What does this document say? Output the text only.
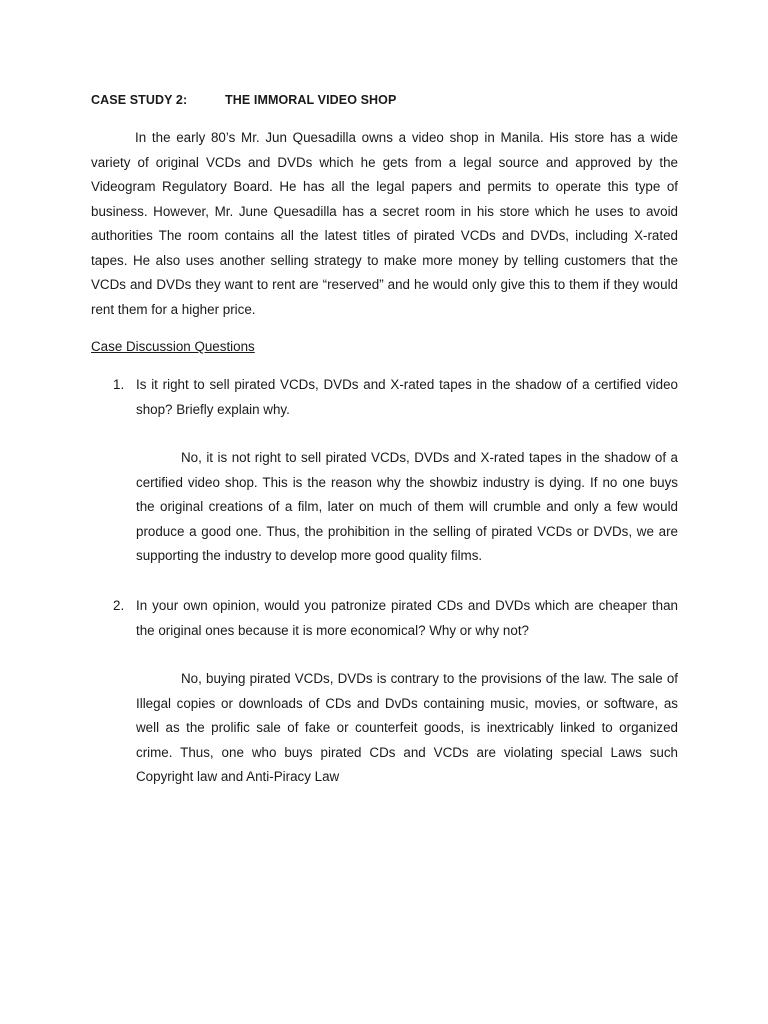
CASE STUDY 2:	THE IMMORAL VIDEO SHOP

In the early 80’s Mr. Jun Quesadilla owns a video shop in Manila. His store has a wide variety of original VCDs and DVDs which he gets from a legal source and approved by the Videogram Regulatory Board. He has all the legal papers and permits to operate this type of business. However, Mr. June Quesadilla has a secret room in his store which he uses to avoid authorities The room contains all the latest titles of pirated VCDs and DVDs, including X-rated tapes. He also uses another selling strategy to make more money by telling customers that the VCDs and DVDs they want to rent are “reserved” and he would only give this to them if they would rent them for a higher price.

Case Discussion Questions
1. Is it right to sell pirated VCDs, DVDs and X-rated tapes in the shadow of a certified video shop? Briefly explain why.

No, it is not right to sell pirated VCDs, DVDs and X-rated tapes in the shadow of a certified video shop. This is the reason why the showbiz industry is dying. If no one buys the original creations of a film, later on much of them will crumble and only a few would produce a good one. Thus, the prohibition in the selling of pirated VCDs or DVDs, we are supporting the industry to develop more good quality films.

2. In your own opinion, would you patronize pirated CDs and DVDs which are cheaper than the original ones because it is more economical? Why or why not?

No, buying pirated VCDs, DVDs is contrary to the provisions of the law. The sale of Illegal copies or downloads of CDs and DvDs containing music, movies, or software, as well as the prolific sale of fake or counterfeit goods, is inextricably linked to organized crime. Thus, one who buys pirated CDs and VCDs are violating special Laws such Copyright law and Anti-Piracy Law
